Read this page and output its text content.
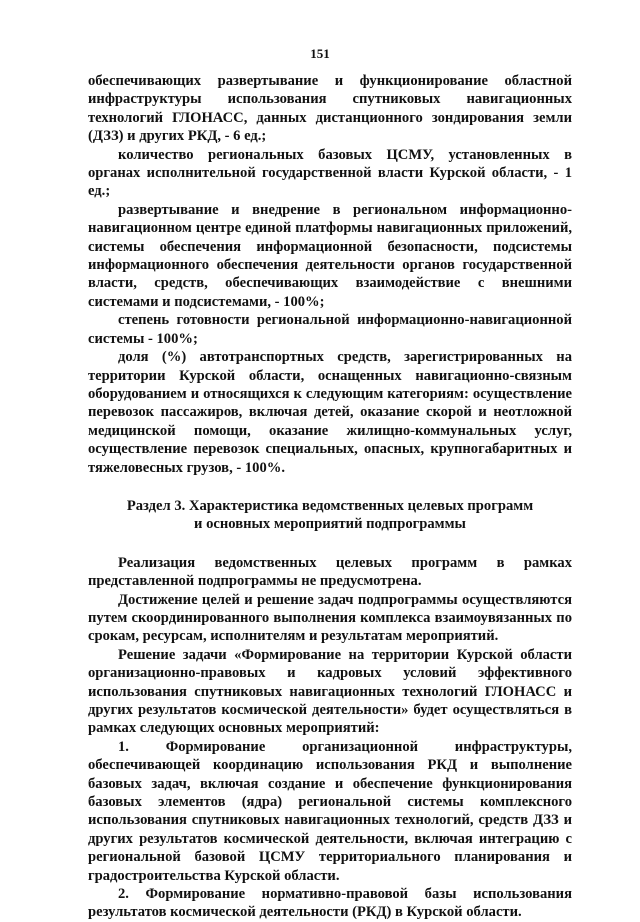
151

обеспечивающих развертывание и функционирование областной инфраструктуры использования спутниковых навигационных технологий ГЛОНАСС, данных дистанционного зондирования земли (ДЗЗ) и других РКД, - 6 ед.;

количество региональных базовых ЦСМУ, установленных в органах исполнительной государственной власти Курской области, - 1 ед.;

развертывание и внедрение в региональном информационно-навигационном центре единой платформы навигационных приложений, системы обеспечения информационной безопасности, подсистемы информационного обеспечения деятельности органов государственной власти, средств, обеспечивающих взаимодействие с внешними системами и подсистемами, - 100%;

степень готовности региональной информационно-навигационной системы - 100%;

доля (%) автотранспортных средств, зарегистрированных на территории Курской области, оснащенных навигационно-связным оборудованием и относящихся к следующим категориям: осуществление перевозок пассажиров, включая детей, оказание скорой и неотложной медицинской помощи, оказание жилищно-коммунальных услуг, осуществление перевозок специальных, опасных, крупногабаритных и тяжеловесных грузов, - 100%.

Раздел 3. Характеристика ведомственных целевых программ

и основных мероприятий подпрограммы

Реализация ведомственных целевых программ в рамках представленной подпрограммы не предусмотрена.

Достижение целей и решение задач подпрограммы осуществляются путем скоординированного выполнения комплекса взаимоувязанных по срокам, ресурсам, исполнителям и результатам мероприятий.

Решение задачи «Формирование на территории Курской области организационно-правовых и кадровых условий эффективного использования спутниковых навигационных технологий ГЛОНАСС и других результатов космической деятельности» будет осуществляться в рамках следующих основных мероприятий:

1. Формирование организационной инфраструктуры, обеспечивающей координацию использования РКД и выполнение базовых задач, включая создание и обеспечение функционирования базовых элементов (ядра) региональной системы комплексного использования спутниковых навигационных технологий, средств ДЗЗ и других результатов космической деятельности, включая интеграцию с региональной базовой ЦСМУ территориального планирования и градостроительства Курской области.

2. Формирование нормативно-правовой базы использования результатов космической деятельности (РКД) в Курской области.
